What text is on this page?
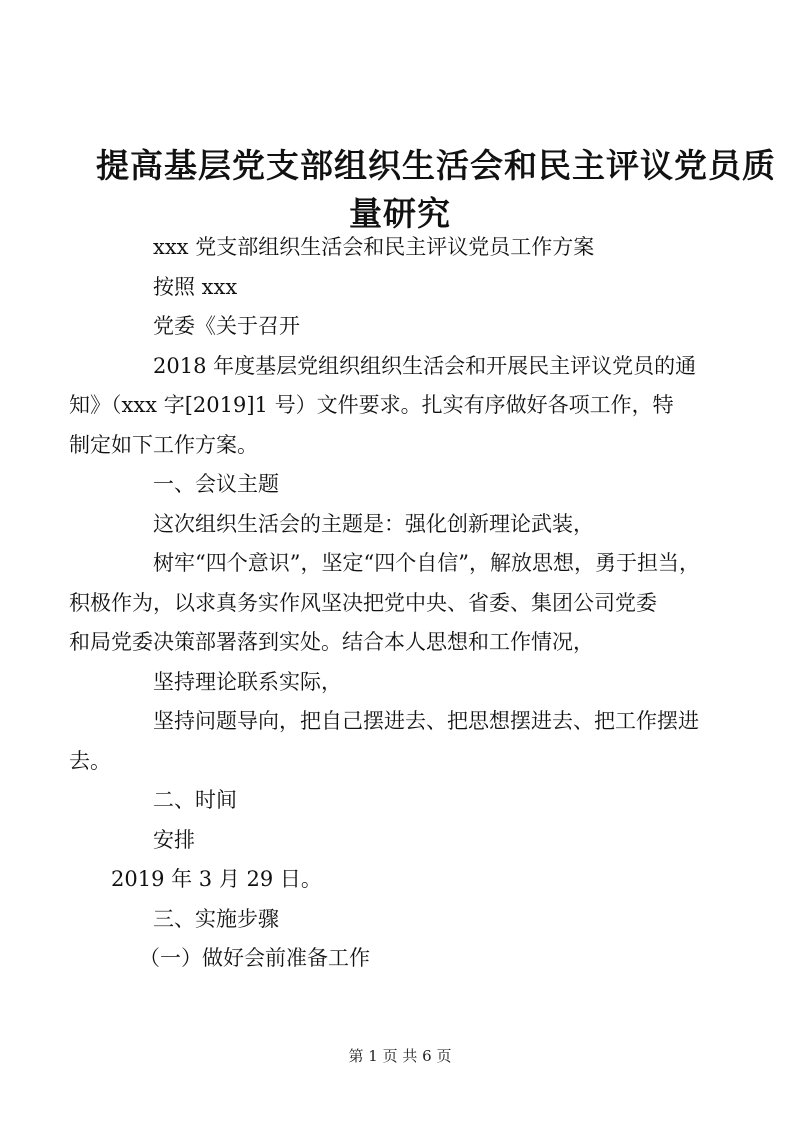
提高基层党支部组织生活会和民主评议党员质
量研究
xxx 党支部组织生活会和民主评议党员工作方案
按照 xxx
党委《关于召开
2018 年度基层党组织组织生活会和开展民主评议党员的通
知》（xxx 字[2019]1 号）文件要求。扎实有序做好各项工作，特
制定如下工作方案。
一、会议主题
这次组织生活会的主题是：强化创新理论武装，
树牢“四个意识”，坚定“四个自信”，解放思想，勇于担当，
积极作为，以求真务实作风坚决把党中央、省委、集团公司党委
和局党委决策部署落到实处。结合本人思想和工作情况，
坚持理论联系实际，
坚持问题导向，把自己摆进去、把思想摆进去、把工作摆进
去。
二、时间
安排
2019 年 3 月 29 日。
三、实施步骤
（一）做好会前准备工作
第 1 页 共 6 页
